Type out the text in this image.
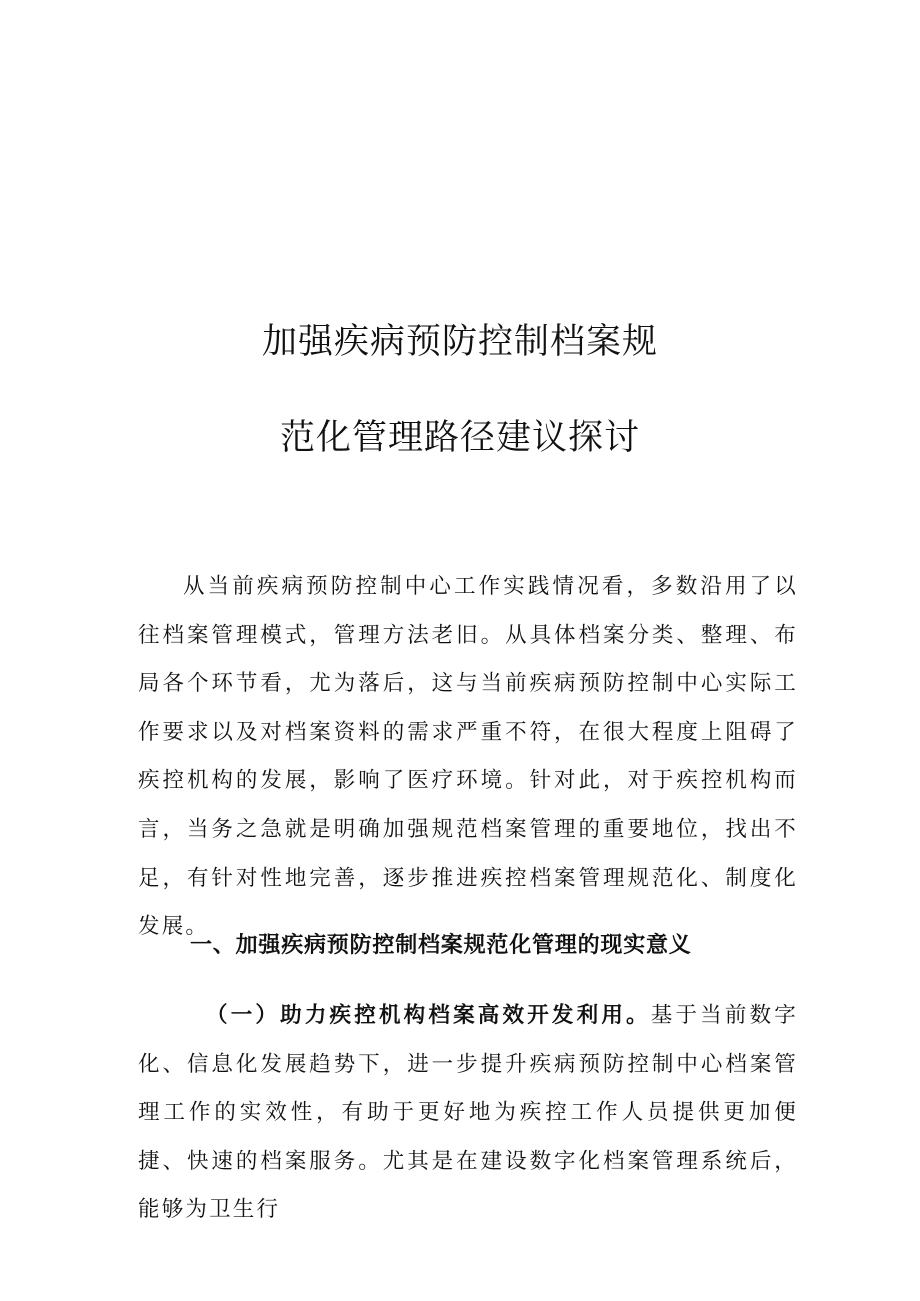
加强疾病预防控制档案规
范化管理路径建议探讨

从当前疾病预防控制中心工作实践情况看，多数沿用了以往档案管理模式，管理方法老旧。从具体档案分类、整理、布局各个环节看，尤为落后，这与当前疾病预防控制中心实际工作要求以及对档案资料的需求严重不符，在很大程度上阻碍了疾控机构的发展，影响了医疗环境。针对此，对于疾控机构而言，当务之急就是明确加强规范档案管理的重要地位，找出不足，有针对性地完善，逐步推进疾控档案管理规范化、制度化发展。

一、加强疾病预防控制档案规范化管理的现实意义

（一）助力疾控机构档案高效开发利用。基于当前数字化、信息化发展趋势下，进一步提升疾病预防控制中心档案管理工作的实效性，有助于更好地为疾控工作人员提供更加便捷、快速的档案服务。尤其是在建设数字化档案管理系统后，能够为卫生行
